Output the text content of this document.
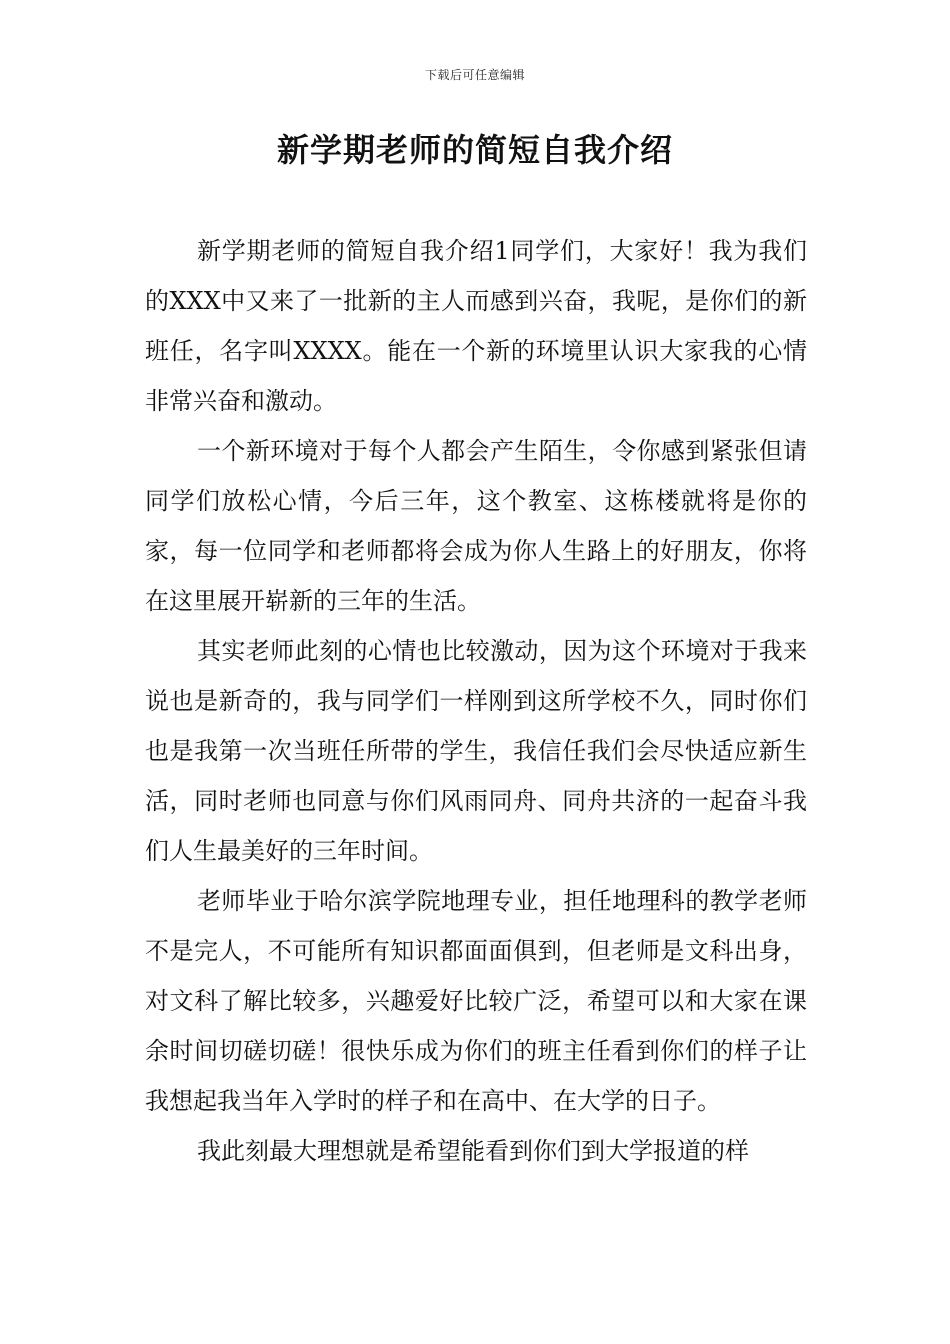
下载后可任意编辑
新学期老师的简短自我介绍

新学期老师的简短自我介绍1同学们，大家好！我为我们的XXX中又来了一批新的主人而感到兴奋，我呢，是你们的新班任，名字叫XXXX。能在一个新的环境里认识大家我的心情非常兴奋和激动。

一个新环境对于每个人都会产生陌生，令你感到紧张但请同学们放松心情，今后三年，这个教室、这栋楼就将是你的家，每一位同学和老师都将会成为你人生路上的好朋友，你将在这里展开崭新的三年的生活。

其实老师此刻的心情也比较激动，因为这个环境对于我来说也是新奇的，我与同学们一样刚到这所学校不久，同时你们也是我第一次当班任所带的学生，我信任我们会尽快适应新生活，同时老师也同意与你们风雨同舟、同舟共济的一起奋斗我们人生最美好的三年时间。

老师毕业于哈尔滨学院地理专业，担任地理科的教学老师不是完人，不可能所有知识都面面俱到，但老师是文科出身，对文科了解比较多，兴趣爱好比较广泛，希望可以和大家在课余时间切磋切磋！很快乐成为你们的班主任看到你们的样子让我想起我当年入学时的样子和在高中、在大学的日子。

我此刻最大理想就是希望能看到你们到大学报道的样
